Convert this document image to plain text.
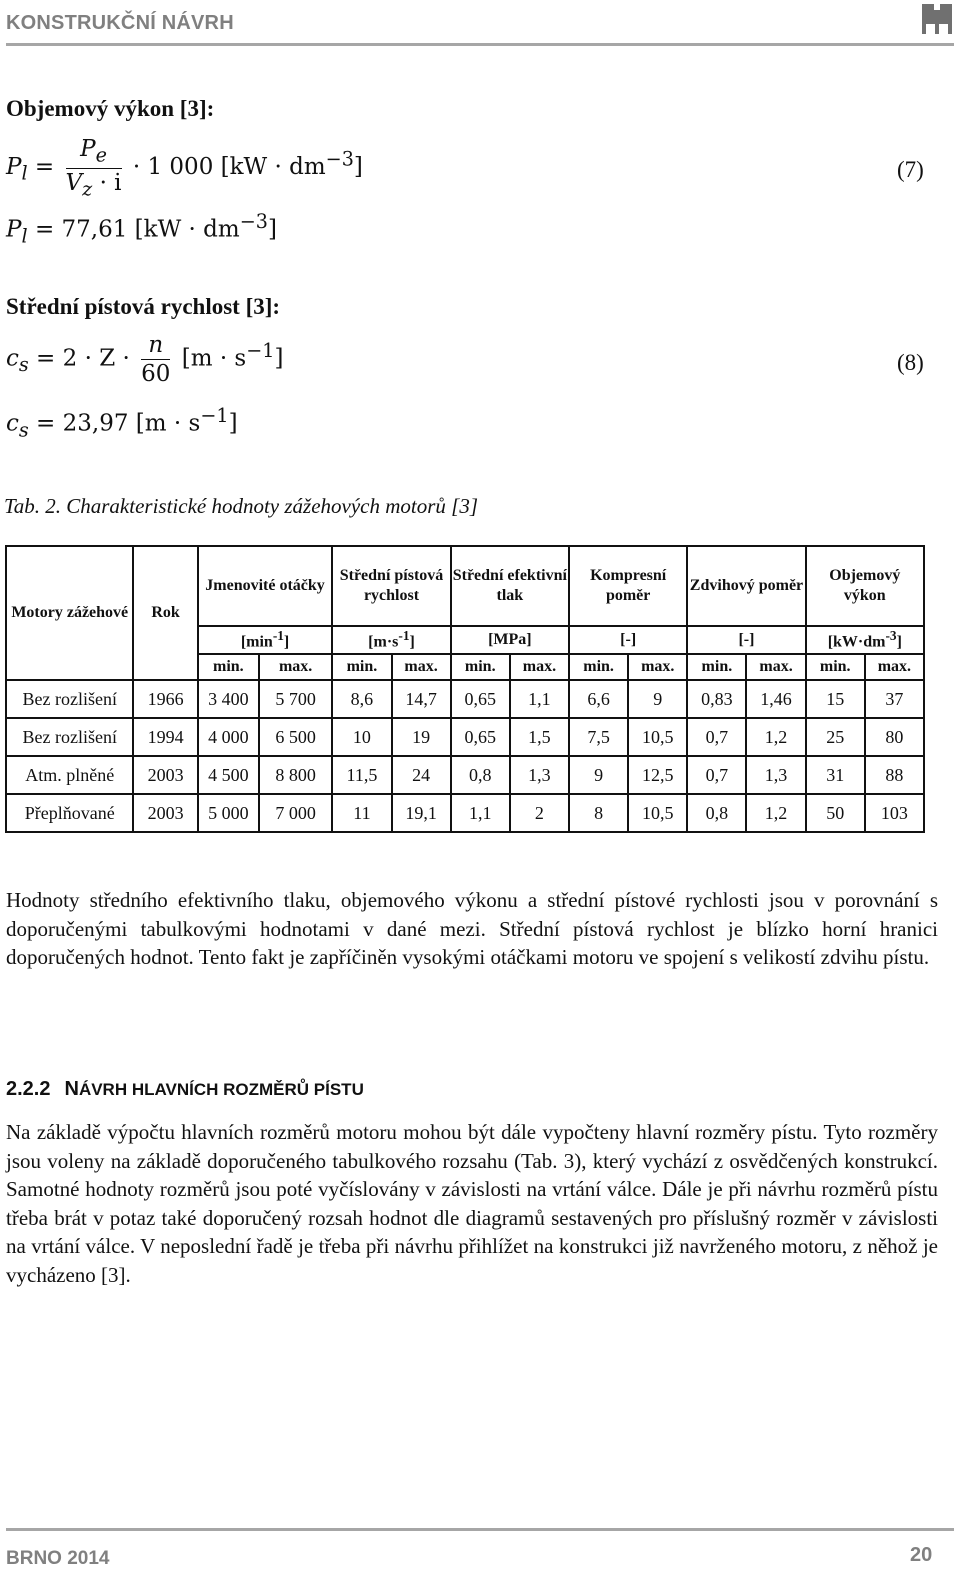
KONSTRUKČNÍ NÁVRH
Objemový výkon [3]:
$P_l = \frac{P_e}{V_z \cdot i} \cdot 1$ 000 $[kW \cdot dm^{-3}]$	(7)
$P_l = 77,61$ $[kW \cdot dm^{-3}]$
Střední pístová rychlost [3]:
$c_s = 2 \cdot Z \cdot \frac{n}{60} [m \cdot s^{-1}]$	(8)
$c_s = 23,97$ $[m \cdot s^{-1}]$
Tab. 2. Charakteristické hodnoty zážehových motorů [3]
Motory zážehové	Rok	Jmenovité otáčky		Střední pístová rychlost		Střední efektivní tlak		Kompresní poměr		Zdvihový poměr		Objemový výkon	
		$[\min^{-1}]$		$[m\cdot s^{-1}]$		[MPa]		[-]		[-]		$[kW\cdot dm^{-3}]$	
		min.	max.	min.	max.	min.	max.	min.	max.	min.	max.	min.	max.
Bez rozlišení	1966	3 400	5 700	8,6	14,7	0,65	1,1	6,6	9	0,83	1,46	15	37
Bez rozlišení	1994	4 000	6 500	10	19	0,65	1,5	7,5	10,5	0,7	1,2	25	80
Atm. plněné	2003	4 500	8 800	11,5	24	0,8	1,3	9	12,5	0,7	1,3	31	88
Přeplňované	2003	5 000	7 000	11	19,1	1,1	2	8	10,5	0,8	1,2	50	103
Hodnoty středního efektivního tlaku, objemového výkonu a střední pístové rychlosti jsou v porovnání s doporučenými tabulkovými hodnotami v dané mezi. Střední pístová rychlost je blízko horní hranici doporučených hodnot. Tento fakt je zapříčiněn vysokými otáčkami motoru ve spojení s velikostí zdvihu pístu.
2.2.2 NÁVRH HLAVNÍCH ROZMĚRŮ PÍSTU
Na základě výpočtu hlavních rozměrů motoru mohou být dále vypočteny hlavní rozměry pístu. Tyto rozměry jsou voleny na základě doporučeného tabulkového rozsahu (Tab. 3), který vychází z osvědčených konstrukcí. Samotné hodnoty rozměrů jsou poté vyčíslovány v závislosti na vrtání válce. Dále je při návrhu rozměrů pístu třeba brát v potaz také doporučený rozsah hodnot dle diagramů sestavených pro příslušný rozměr v závislosti na vrtání válce. V neposlední řadě je třeba při návrhu přihlížet na konstrukci již navrženého motoru, z něhož je vycházeno [3].
BRNO 2014	20
